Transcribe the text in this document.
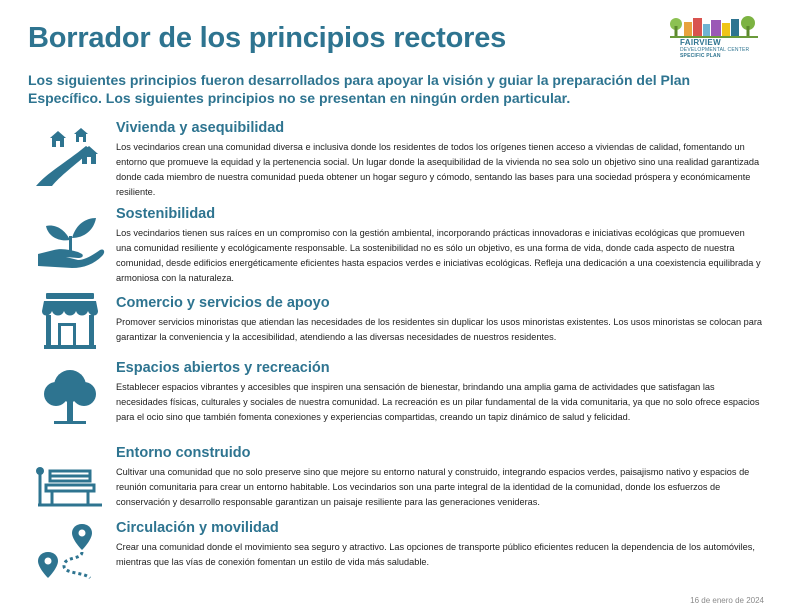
Borrador de los principios rectores	FAIRVIEW
DEVELOPMENTAL CENTER
SPECIFIC PLAN

Los siguientes principios fueron desarrollados para apoyar la visión y guiar la preparación del Plan Específico. Los siguientes principios no se presentan en ningún orden particular.

Vivienda y asequibilidad

Los vecindarios crean una comunidad diversa e inclusiva donde los residentes de todos los orígenes tienen acceso a viviendas de calidad, fomentando un entorno que promueve la equidad y la pertenencia social. Un lugar donde la asequibilidad de la vivienda no sea solo un objetivo sino una realidad garantizada donde cada miembro de nuestra comunidad pueda obtener un hogar seguro y cómodo, sentando las bases para una sociedad próspera y económicamente resiliente.

Sostenibilidad

Los vecindarios tienen sus raíces en un compromiso con la gestión ambiental, incorporando prácticas innovadoras e iniciativas ecológicas que promueven una comunidad resiliente y ecológicamente responsable. La sostenibilidad no es sólo un objetivo, es una forma de vida, donde cada aspecto de nuestra comunidad, desde edificios energéticamente eficientes hasta espacios verdes e iniciativas ecológicas. Refleja una dedicación a una coexistencia equilibrada y armoniosa con la naturaleza.

Comercio y servicios de apoyo

Promover servicios minoristas que atiendan las necesidades de los residentes sin duplicar los usos minoristas existentes. Los usos minoristas se colocan para garantizar la conveniencia y la accesibilidad, atendiendo a las diversas necesidades de nuestros residentes.

Espacios abiertos y recreación

Establecer espacios vibrantes y accesibles que inspiren una sensación de bienestar, brindando una amplia gama de actividades que satisfagan las necesidades físicas, culturales y sociales de nuestra comunidad. La recreación es un pilar fundamental de la vida comunitaria, ya que no solo ofrece espacios para el ocio sino que también fomenta conexiones y experiencias compartidas, creando un tapiz dinámico de salud y felicidad.

Entorno construido

Cultivar una comunidad que no solo preserve sino que mejore su entorno natural y construido, integrando espacios verdes, paisajismo nativo y espacios de reunión comunitaria para crear un entorno habitable. Los vecindarios son una parte integral de la identidad de la comunidad, donde los esfuerzos de conservación y desarrollo responsable garantizan un paisaje resiliente para las generaciones venideras.

Circulación y movilidad

Crear una comunidad donde el movimiento sea seguro y atractivo. Las opciones de transporte público eficientes reducen la dependencia de los automóviles, mientras que las vías de conexión fomentan un estilo de vida más saludable.

16 de enero de 2024
